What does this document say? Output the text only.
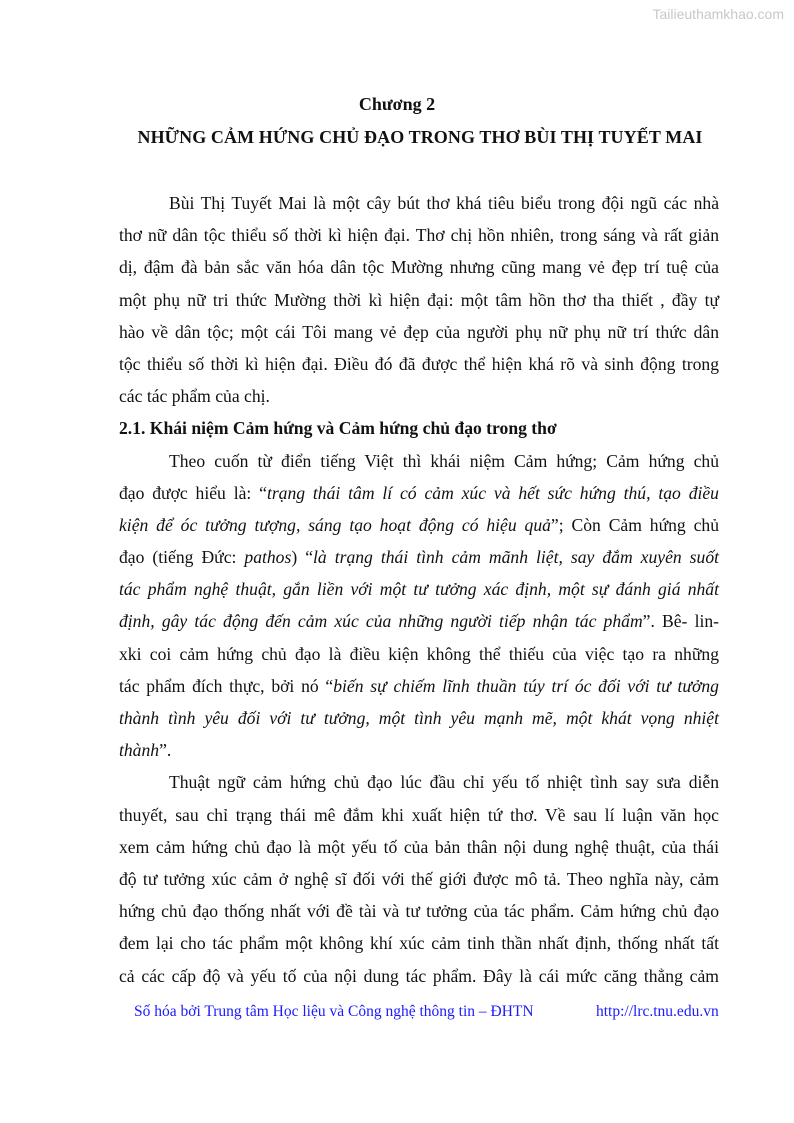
Tailieuthamkhao.com
Chương 2
NHỮNG CẢM HỨNG CHỦ ĐẠO TRONG THƠ BÙI THỊ TUYẾT MAI
Bùi Thị Tuyết Mai là một cây bút thơ khá tiêu biểu trong đội ngũ các nhà
thơ nữ dân tộc thiểu số thời kì hiện đại. Thơ chị hồn nhiên, trong sáng và rất giản
dị, đậm đà bản sắc văn hóa dân tộc Mường nhưng cũng mang vẻ đẹp trí tuệ của
một phụ nữ tri thức Mường thời kì hiện đại: một tâm hồn thơ tha thiết , đầy tự
hào về dân tộc; một cái Tôi mang vẻ đẹp của người phụ nữ phụ nữ trí thức dân
tộc thiểu số thời kì hiện đại. Điều đó đã được thể hiện khá rõ và sinh động trong
các tác phẩm của chị.
2.1. Khái niệm Cảm hứng và Cảm hứng chủ đạo trong thơ
Theo cuốn từ điển tiếng Việt thì khái niệm Cảm hứng; Cảm hứng chủ
đạo được hiểu là: “trạng thái tâm lí có cảm xúc và hết sức hứng thú, tạo điều
kiện để óc tưởng tượng, sáng tạo hoạt động có hiệu quả”; Còn Cảm hứng chủ
đạo (tiếng Đức: pathos) “là trạng thái tình cảm mãnh liệt, say đắm xuyên suốt
tác phẩm nghệ thuật, gắn liền với một tư tưởng xác định, một sự đánh giá nhất
định, gây tác động đến cảm xúc của những người tiếp nhận tác phẩm”. Bê- lin-
xki coi cảm hứng chủ đạo là điều kiện không thể thiếu của việc tạo ra những
tác phẩm đích thực, bởi nó “biến sự chiếm lĩnh thuần túy trí óc đối với tư tưởng
thành tình yêu đối với tư tưởng, một tình yêu mạnh mẽ, một khát vọng nhiệt
thành”.
Thuật ngữ cảm hứng chủ đạo lúc đầu chỉ yếu tố nhiệt tình say sưa diễn
thuyết, sau chỉ trạng thái mê đắm khi xuất hiện tứ thơ. Về sau lí luận văn học
xem cảm hứng chủ đạo là một yếu tố của bản thân nội dung nghệ thuật, của thái
độ tư tưởng xúc cảm ở nghệ sĩ đối với thế giới được mô tả. Theo nghĩa này, cảm
hứng chủ đạo thống nhất với đề tài và tư tưởng của tác phẩm. Cảm hứng chủ đạo
đem lại cho tác phẩm một không khí xúc cảm tinh thần nhất định, thống nhất tất
cả các cấp độ và yếu tố của nội dung tác phẩm. Đây là cái mức căng thẳng cảm
Số hóa bởi Trung tâm Học liệu và Công nghệ thông tin – ĐHTN	http://lrc.tnu.edu.vn
